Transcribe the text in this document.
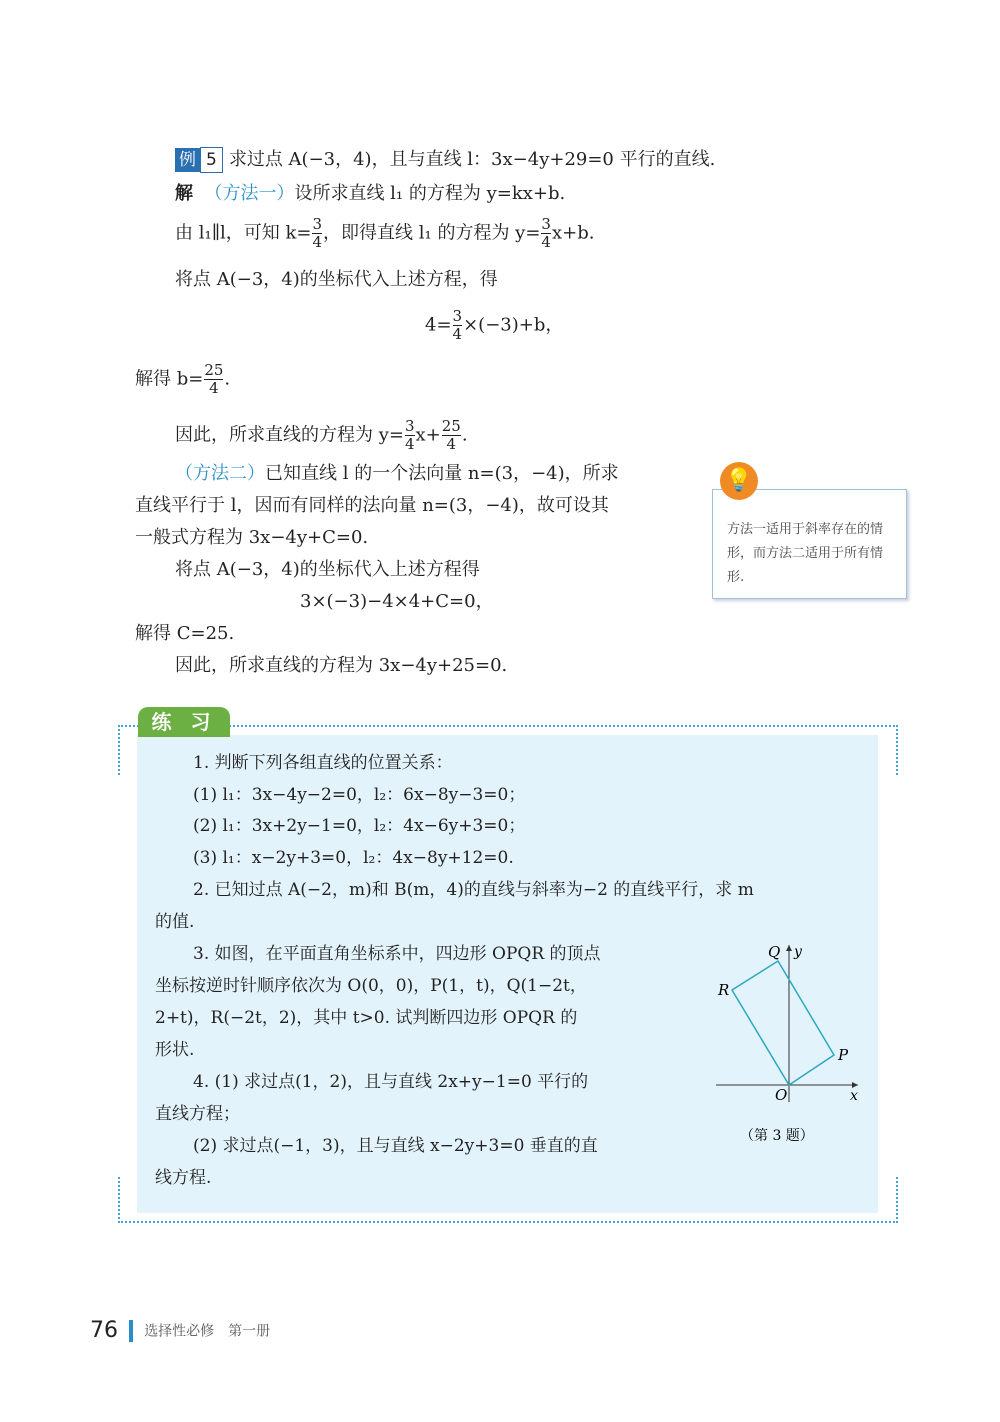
例 5 求过点 A(−3，4)，且与直线 l：3x−4y+29=0 平行的直线.
解 （方法一）设所求直线 l₁ 的方程为 y=kx+b.
由 l₁∥l，可知 $k= \frac{3}{4}$ ，即得直线 l₁ 的方程为 $y= \frac{3}{4} x+b$.
将点 A(−3，4)的坐标代入上述方程，得
$4= \frac{3}{4} \times(-3)+b$，
解得 $b= \frac{25}{4}$ .
因此，所求直线的方程为 $y= \frac{3}{4} x+ \frac{25}{4}$ .
（方法二）已知直线 l 的一个法向量 n=(3，−4)，所求
直线平行于 l，因而有同样的法向量 n=(3，−4)，故可设其
一般式方程为 3x−4y+C=0.
将点 A(−3，4)的坐标代入上述方程得
3×(−3)−4×4+C=0，
解得 C=25.
因此，所求直线的方程为 3x−4y+25=0.
方法一适用于斜率存在的情形，而方法二适用于所有情形.
💡
练 习
1. 判断下列各组直线的位置关系：
(1) l₁：3x−4y−2=0，l₂：6x−8y−3=0；
(2) l₁：3x+2y−1=0，l₂：4x−6y+3=0；
(3) l₁：x−2y+3=0，l₂：4x−8y+12=0.
2. 已知过点 A(−2，m)和 B(m，4)的直线与斜率为−2 的直线平行，求 m
的值.
3. 如图，在平面直角坐标系中，四边形 OPQR 的顶点
坐标按逆时针顺序依次为 O(0，0)，P(1，t)，Q(1−2t，
2+t)，R(−2t，2)，其中 t>0. 试判断四边形 OPQR 的
形状.
4. (1) 求过点(1，2)，且与直线 2x+y−1=0 平行的
直线方程；
(2) 求过点(−1，3)，且与直线 x−2y+3=0 垂直的直
线方程.
O
P
Q
R
x
y
（第 3 题）
76 选择性必修　第一册
